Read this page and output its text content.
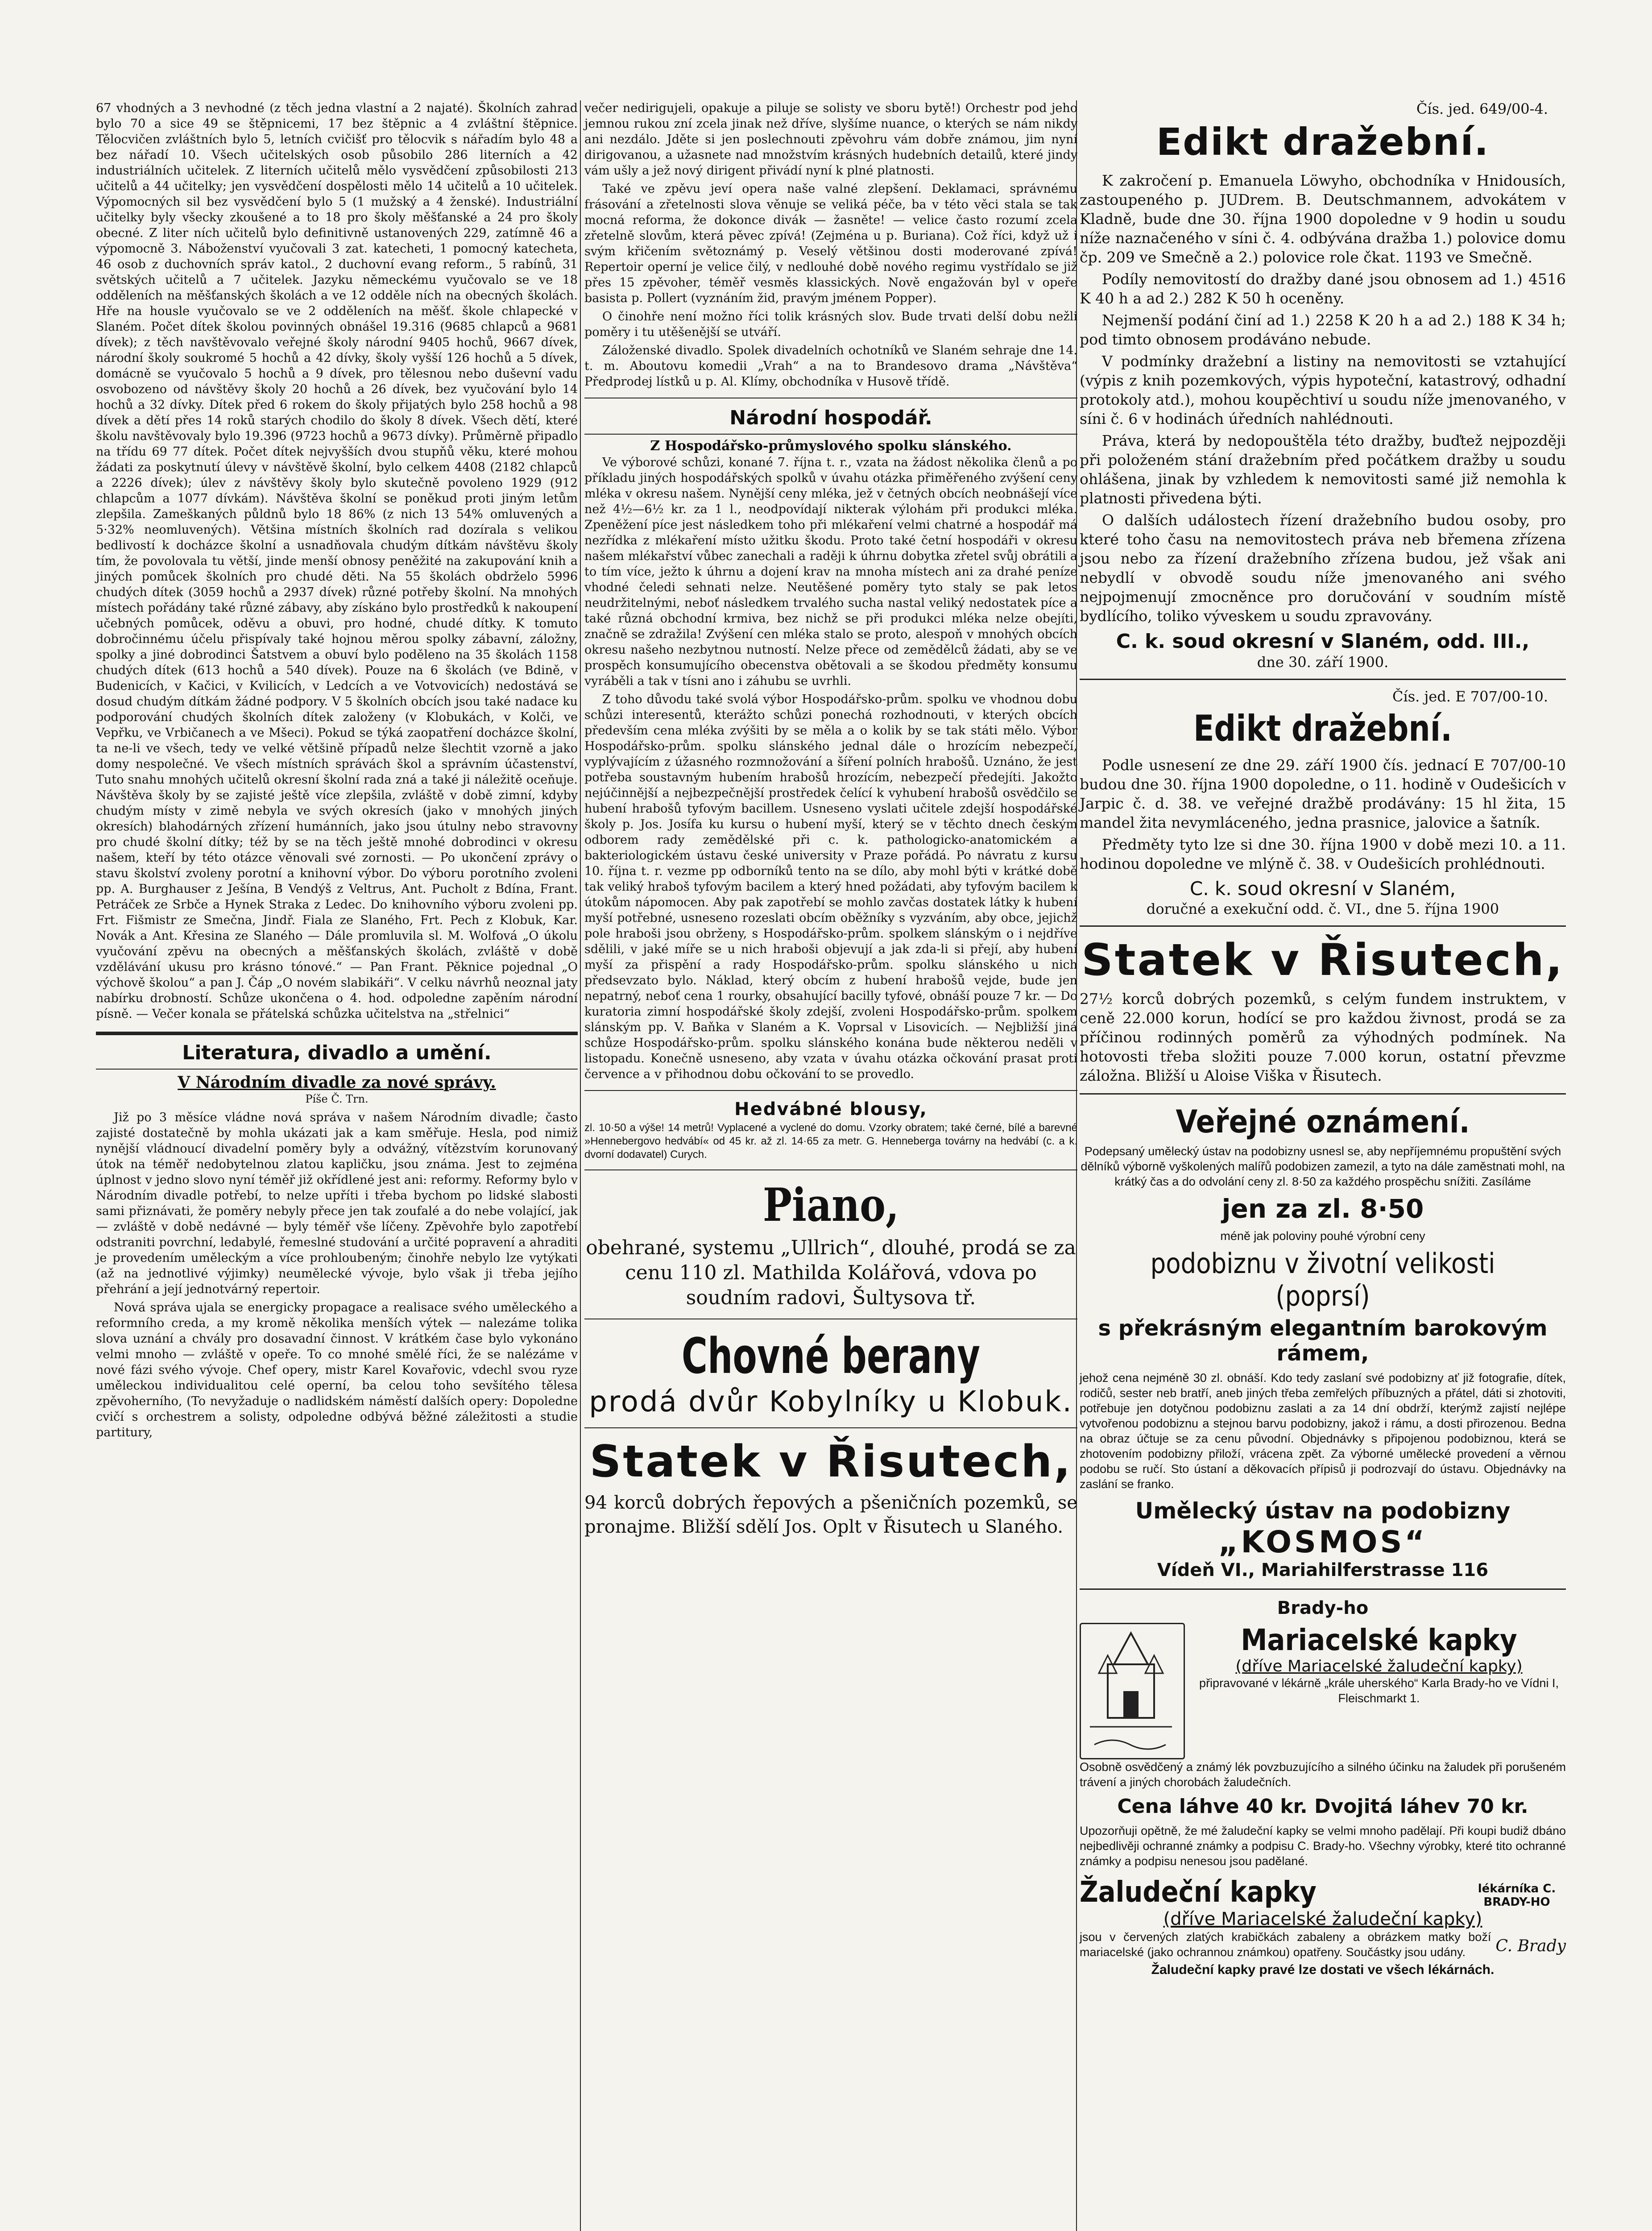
67 vhodných a 3 nevhodné (z těch jedna vlastní a 2 najaté). Školních zahrad bylo 70 a sice 49 se štěpnicemi, 17 bez štěpnic a 4 zvláštní štěpnice. Tělocvičen zvláštních bylo 5, letních cvičišť pro tělocvik s nářadím bylo 48 a bez nářadí 10. Všech učitelských osob působilo 286 literních a 42 industriálních učitelek. Z literních učitelů mělo vysvědčení způsobilosti 213 učitelů a 44 učitelky; jen vysvědčení dospělosti mělo 14 učitelů a 10 učitelek. Výpomocných sil bez vysvědčení bylo 5 (1 mužský a 4 ženské). Industriální učitelky byly všecky zkoušené a to 18 pro školy měšťanské a 24 pro školy obecné. Z liter ních učitelů bylo definitivně ustanovených 229, zatímně 46 a výpomocně 3. Náboženství vyučovali 3 zat. katecheti, 1 pomocný katecheta, 46 osob z duchovních správ katol., 2 duchovní evang reform., 5 rabínů, 31 světských učitelů a 7 učitelek. Jazyku německému vyučovalo se ve 18 odděleních na měšťanských školách a ve 12 odděle ních na obecných školách. Hře na housle vyučovalo se ve 2 odděleních na měšť. škole chlapecké v Slaném. Počet dítek školou povinných obnášel 19.316 (9685 chlapců a 9681 dívek); z těch navštěvovalo veřejné školy národní 9405 hochů, 9667 dívek, národní školy soukromé 5 hochů a 42 dívky, školy vyšší 126 hochů a 5 dívek, domácně se vyučovalo 5 hochů a 9 dívek, pro tělesnou nebo duševní vadu osvobozeno od návštěvy školy 20 hochů a 26 dívek, bez vyučování bylo 14 hochů a 32 dívky. Dítek před 6 rokem do školy přijatých bylo 258 hochů a 98 dívek a dětí přes 14 roků starých chodilo do školy 8 dívek. Všech dětí, které školu navštěvovaly bylo 19.396 (9723 hochů a 9673 dívky). Průměrně připadlo na třídu 69 77 dítek. Počet dítek nejvyšších dvou stupňů věku, které mohou žádati za poskytnutí úlevy v návštěvě školní, bylo celkem 4408 (2182 chlapců a 2226 dívek); úlev z návštěvy školy bylo skutečně povoleno 1929 (912 chlapcům a 1077 dívkám). Návštěva školní se poněkud proti jiným letům zlepšila. Zameškaných půldnů bylo 18 86% (z nich 13 54% omluvených a 5·32% neomluvených). Většina místních školních rad dozírala s velikou bedlivostí k docházce školní a usnadňovala chudým dítkám návštěvu školy tím, že povolovala tu větší, jinde menší obnosy peněžité na zakupování knih a jiných pomůcek školních pro chudé děti. Na 55 školách obdrželo 5996 chudých dítek (3059 hochů a 2937 dívek) různé potřeby školní. Na mnohých místech pořádány také různé zábavy, aby získáno bylo prostředků k nakoupení učebných pomůcek, oděvu a obuvi, pro hodné, chudé dítky. K tomuto dobročinnému účelu přispívaly také hojnou měrou spolky zábavní, záložny, spolky a jiné dobrodinci Šatstvem a obuví bylo poděleno na 35 školách 1158 chudých dítek (613 hochů a 540 dívek). Pouze na 6 školách (ve Bdině, v Budenicích, v Kačici, v Kvilicích, v Ledcích a ve Votvovicích) nedostává se dosud chudým dítkám žádné podpory. V 5 školních obcích jsou také nadace ku podporování chudých školních dítek založeny (v Klobukách, v Kolči, ve Vepřku, ve Vrbičanech a ve Mšeci). Pokud se týká zaopatření docházce školní, ta ne-li ve všech, tedy ve velké většině případů nelze šlechtit vzorně a jako domy nespolečné. Ve všech místních správách škol a správním účastenství, Tuto snahu mnohých učitelů okresní školní rada zná a také ji náležitě oceňuje. Návštěva školy by se zajisté ještě více zlepšila, zvláště v době zimní, kdyby chudým místy v zimě nebyla ve svých okresích (jako v mnohých jiných okresích) blahodárných zřízení humánních, jako jsou útulny nebo stravovny pro chudé školní dítky; též by se na těch ještě mnohé dobrodinci v okresu našem, kteří by této otázce věnovali své zornosti. — Po ukončení zprávy o stavu školství zvoleny porotní a knihovní výbor. Do výboru porotního zvoleni pp. A. Burghauser z Ješína, B Vendýš z Veltrus, Ant. Pucholt z Bdína, Frant. Petráček ze Srbče a Hynek Straka z Ledec. Do knihovního výboru zvoleni pp. Frt. Fišmistr ze Smečna, Jindř. Fiala ze Slaného, Frt. Pech z Klobuk, Kar. Novák a Ant. Křesina ze Slaného — Dále promluvila sl. M. Wolfová „O úkolu vyučování zpěvu na obecných a měšťanských školách, zvláště v době vzdělávání ukusu pro krásno tónové.“ — Pan Frant. Pěknice pojednal „O výchově školou“ a pan J. Čáp „O novém slabikáři“. V celku návrhů neoznal jaty nabírku drobností. Schůze ukončena o 4. hod. odpoledne zapěním národní písně. — Večer konala se přátelská schůzka učitelstva na „střelnici“

Literatura, divadlo a umění.
V Národním divadle za nové správy.
Píše Č. Trn.

Již po 3 měsíce vládne nová správa v našem Národním divadle; často zajisté dostatečně by mohla ukázati jak a kam směřuje. Hesla, pod nimiž nynější vládnoucí divadelní poměry byly a odvážný, vítězstvím korunovaný útok na téměř nedobytelnou zlatou kapličku, jsou známa. Jest to zejména úplnost v jedno slovo nyní téměř již okřídlené jest ani: reformy. Reformy bylo v Národním divadle potřebí, to nelze upříti i třeba bychom po lidské slabosti sami přiznávati, že poměry nebyly přece jen tak zoufalé a do nebe volající, jak — zvláště v době nedávné — byly téměř vše líčeny. Zpěvohře bylo zapotřebí odstraniti povrchní, ledabylé, řemeslné studování a určité popravení a ahraditi je provedením uměleckým a více prohloubeným; činohře nebylo lze vytýkati (až na jednotlivé výjimky) neumělecké vývoje, bylo však ji třeba jejího přehrání a její jednotvárný repertoir.

Nová správa ujala se energicky propagace a realisace svého uměleckého a reformního creda, a my kromě několika menších výtek — nalezáme tolika slova uznání a chvály pro dosavadní činnost. V krátkém čase bylo vykonáno velmi mnoho — zvláště v opeře. To co mnohé smělé říci, že se nalézáme v nové fázi svého vývoje. Chef opery, mistr Karel Kovařovic, vdechl svou ryze uměleckou individualitou celé operní, ba celou toho sevšítého tělesa zpěvoherního, (To nevyžaduje o nadlidském náměstí dalších opery: Dopoledne cvičí s orchestrem a solisty, odpoledne odbývá běžné záležitosti a studie partitury,

večer nedirigujeli, opakuje a piluje se solisty ve sboru bytě!) Orchestr pod jeho jemnou rukou zní zcela jinak než dříve, slyšíme nuance, o kterých se nám nikdy ani nezdálo. Jděte si jen poslechnouti zpěvohru vám dobře známou, jim nyní dirigovanou, a užasnete nad množstvím krásných hudebních detailů, které jindy vám ušly a jež nový dirigent přivádí nyní k plné platnosti.

Také ve zpěvu jeví opera naše valné zlepšení. Deklamaci, správnému frásování a zřetelnosti slova věnuje se veliká péče, ba v této věci stala se tak mocná reforma, že dokonce divák — žasněte! — velice často rozumí zcela zřetelně slovům, která pěvec zpívá! (Zejména u p. Buriana). Což říci, když už i svým křičením světoznámý p. Veselý většinou dosti moderované zpívá! Repertoir operní je velice čilý, v nedlouhé době nového regimu vystřídalo se již přes 15 zpěvoher, téměř vesměs klassických. Nově engažován byl v opeře basista p. Pollert (vyznáním žid, pravým jménem Popper).

O činohře není možno říci tolik krásných slov. Bude trvati delší dobu nežli poměry i tu utěšenější se utváří.

Záloženské divadlo. Spolek divadelních ochotníků ve Slaném sehraje dne 14. t. m. Aboutovu komedii „Vrah“ a na to Brandesovo drama „Návštěva“ Předprodej lístků u p. Al. Klímy, obchodníka v Husově třídě.

Národní hospodář.
Z Hospodářsko-průmyslového spolku slánského.

Ve výborové schůzi, konané 7. října t. r., vzata na žádost několika členů a po příkladu jiných hospodářských spolků v úvahu otázka přiměřeného zvýšení ceny mléka v okresu našem. Nynější ceny mléka, jež v četných obcích neobnášejí více než 4½—6½ kr. za 1 l., neodpovídají nikterak výlohám při produkci mléka. Zpeněžení píce jest následkem toho při mlékaření velmi chatrné a hospodář má nezřídka z mlékaření místo užitku škodu. Proto také četní hospodáři v okresu našem mlékařství vůbec zanechali a raději k úhrnu dobytka zřetel svůj obrátili a to tím více, ježto k úhrnu a dojení krav na mnoha místech ani za drahé peníze vhodné čeledi sehnati nelze. Neutěšené poměry tyto staly se pak letos neudržitelnými, neboť následkem trvalého sucha nastal veliký nedostatek píce a také různá obchodní krmiva, bez nichž se při produkci mléka nelze obejíti, značně se zdražila! Zvýšení cen mléka stalo se proto, alespoň v mnohých obcích okresu našeho nezbytnou nutností. Nelze přece od zemědělců žádati, aby se ve prospěch konsumujícího obecenstva obětovali a se škodou předměty konsumu vyráběli a tak v tísni ano i záhubu se uvrhli.

Z toho důvodu také svolá výbor Hospodářsko-prům. spolku ve vhodnou dobu schůzi interesentů, kterážto schůzi ponechá rozhodnouti, v kterých obcích především cena mléka zvýšiti by se měla a o kolik by se tak státi mělo. Výbor Hospodářsko-prům. spolku slánského jednal dále o hrozícím nebezpečí, vyplývajícím z úžasného rozmnožování a šíření polních hrabošů. Uznáno, že jest potřeba soustavným hubením hrabošů hrozícím, nebezpečí předejíti. Jakožto nejúčinnější a nejbezpečnější prostředek čelící k vyhubení hrabošů osvědčilo se hubení hrabošů tyfovým bacillem. Usneseno vyslati učitele zdejší hospodářské školy p. Jos. Josífa ku kursu o hubení myší, který se v těchto dnech českým odborem rady zemědělské při c. k. pathologicko-anatomickém a bakteriologickém ústavu české university v Praze pořádá. Po návratu z kursu 10. října t. r. vezme pp odborníků tento na se dílo, aby mohl býti v krátké době tak veliký hraboš tyfovým bacilem a který hned požádati, aby tyfovým bacilem k útokům nápomocen. Aby pak zapotřebí se mohlo zavčas dostatek látky k hubení myší potřebné, usneseno rozeslati obcím oběžníky s vyzváním, aby obce, jejichž pole hraboši jsou obrženy, s Hospodářsko-prům. spolkem slánským o i nejdříve sdělili, v jaké míře se u nich hraboši objevují a jak zda-li si přejí, aby hubení myší za přispění a rady Hospodářsko-prům. spolku slánského u nich předsevzato bylo. Náklad, který obcím z hubení hrabošů vejde, bude jen nepatrný, neboť cena 1 rourky, obsahující bacilly tyfové, obnáší pouze 7 kr. — Do kuratoria zimní hospodářské školy zdejší, zvoleni Hospodářsko-prům. spolkem slánským pp. V. Baňka v Slaném a K. Voprsal v Lisovicích. — Nejbližší jiná schůze Hospodářsko-prům. spolku slánského konána bude některou neděli v listopadu. Konečně usneseno, aby vzata v úvahu otázka očkování prasat proti července a v přihodnou dobu očkování to se provedlo.

Hedvábné blousy,

zl. 10·50 a výše! 14 metrů! Vyplacené a vyclené do domu. Vzorky obratem; také černé, bílé a barevné »Hennebergovo hedvábí« od 45 kr. až zl. 14·65 za metr. G. Henneberga továrny na hedvábí (c. a k. dvorní dodavatel) Curych.

Piano,

obehrané, systemu „Ullrich“, dlouhé, prodá se za cenu 110 zl. Mathilda Kolářová, vdova po soudním radovi, Šultysova tř.

Chovné berany

prodá dvůr Kobylníky u Klobuk.

Statek v Řisutech,

94 korců dobrých řepových a pšeničních pozemků, se pronajme. Bližší sdělí Jos. Oplt v Řisutech u Slaného.

Čís. jed. 649/00-4.
Edikt dražební.

K zakročení p. Emanuela Löwyho, obchodníka v Hnidousích, zastoupeného p. JUDrem. B. Deutschmannem, advokátem v Kladně, bude dne 30. října 1900 dopoledne v 9 hodin u soudu níže naznačeného v síni č. 4. odbývána dražba 1.) polovice domu čp. 209 ve Smečně a 2.) polovice role čkat. 1193 ve Smečně.

Podíly nemovitostí do dražby dané jsou obnosem ad 1.) 4516 K 40 h a ad 2.) 282 K 50 h oceněny.

Nejmenší podání činí ad 1.) 2258 K 20 h a ad 2.) 188 K 34 h; pod timto obnosem prodáváno nebude.

V podmínky dražební a listiny na nemovitosti se vztahující (výpis z knih pozemkových, výpis hypoteční, katastrový, odhadní protokoly atd.), mohou koupěchtiví u soudu níže jmenovaného, v síni č. 6 v hodinách úředních nahlédnouti.

Práva, která by nedopouštěla této dražby, buďtež nejpozději při položeném stání dražebním před počátkem dražby u soudu ohlášena, jinak by vzhledem k nemovitosti samé již nemohla k platnosti přivedena býti.

O dalších událostech řízení dražebního budou osoby, pro které toho času na nemovitostech práva neb břemena zřízena jsou nebo za řízení dražebního zřízena budou, jež však ani nebydlí v obvodě soudu níže jmenovaného ani svého nejpojmenují zmocněnce pro doručování v soudním místě bydlícího, toliko výveskem u soudu zpravovány.

C. k. soud okresní v Slaném, odd. III.,
dne 30. září 1900.
Čís. jed. E 707/00-10.
Edikt dražební.

Podle usnesení ze dne 29. září 1900 čís. jednací E 707/00-10 budou dne 30. října 1900 dopoledne, o 11. hodině v Oudešicích v Jarpic č. d. 38. ve veřejné dražbě prodávány: 15 hl žita, 15 mandel žita nevymláceného, jednа prasnice, jalovice a šatník.

Předměty tyto lze si dne 30. října 1900 v době mezi 10. a 11. hodinou dopoledne ve mlýně č. 38. v Oudešicích prohlédnouti.

C. k. soud okresní v Slaném,
doručné a exekuční odd. č. VI., dne 5. října 1900
Statek v Řisutech,

27½ korců dobrých pozemků, s celým fundem instruktem, v ceně 22.000 korun, hodící se pro každou živnost, prodá se za příčinou rodinných poměrů za výhodných podmínek. Na hotovosti třeba složiti pouze 7.000 korun, ostatní převzme záložna. Bližší u Aloise Viška v Řisutech.

Veřejné oznámení.

Podepsaný umělecký ústav na podobizny usnesl se, aby nepříjemnému propuštění svých dělníků výborně vyškolených malířů podobizen zamezil, a tyto na dále zaměstnati mohl, na krátký čas a do odvolání ceny zl. 8·50 za každého prospěchu snížiti. Zasíláme

jen za zl. 8·50

méně jak poloviny pouhé výrobní ceny

podobiznu v životní velikosti (poprsí)
s překrásným elegantním barokovým rámem,

jehož cena nejméně 30 zl. obnáší. Kdo tedy zaslaní své podobizny ať již fotografie, dítek, rodičů, sester neb bratří, aneb jiných třeba zemřelých příbuzných a přátel, dáti si zhotoviti, potřebuje jen dotyčnou podobiznu zaslati a za 14 dní obdrží, kterýmž zajistí nejlépe vytvořenou podobiznu a stejnou barvu podobizny, jakož i rámu, a dosti přirozenou. Bedna na obraz účtuje se za cenu původní. Objednávky s připojenou podobiznou, která se zhotovením podobizny přiloží, vrácena zpět. Za výborné umělecké provedení a věrnou podobu se ručí. Sto ústaní a děkovacích přípisů ji podrozvají do ústavu. Objednávky na zaslání se franko.

Umělecký ústav na podobizny
„KOSMOS“
Vídeň VI., Mariahilferstrasse 116
Brady-ho
Mariacelské kapky
(dříve Mariacelské žaludeční kapky)

připravované v lékárně „krále uherského“ Karla Brady-ho ve Vídni I, Fleischmarkt 1.

Osobně osvědčený a známý lék povzbuzujícího a silného účinku na žaludek při porušeném trávení a jiných chorobách žaludečních.

Cena láhve 40 kr. Dvojitá láhev 70 kr.

Upozorňuji opětně, že mé žaludeční kapky se velmi mnoho padělají. Při koupi budiž dbáno nejbedlivěji ochranné známky a podpisu C. Brady-ho. Všechny výrobky, které tito ochranné známky a podpisu nenesou jsou padělané.

Žaludeční kapky	lékárníka C. BRADY-HO
(dříve Mariacelské žaludeční kapky)

jsou v červených zlatých krabičkách zabaleny a obrázkem matky boží mariacelské (jako ochrannou známkou) opatřeny. Součástky jsou udány.	C. Brady

Žaludeční kapky pravé lze dostati ve všech lékárnách.
